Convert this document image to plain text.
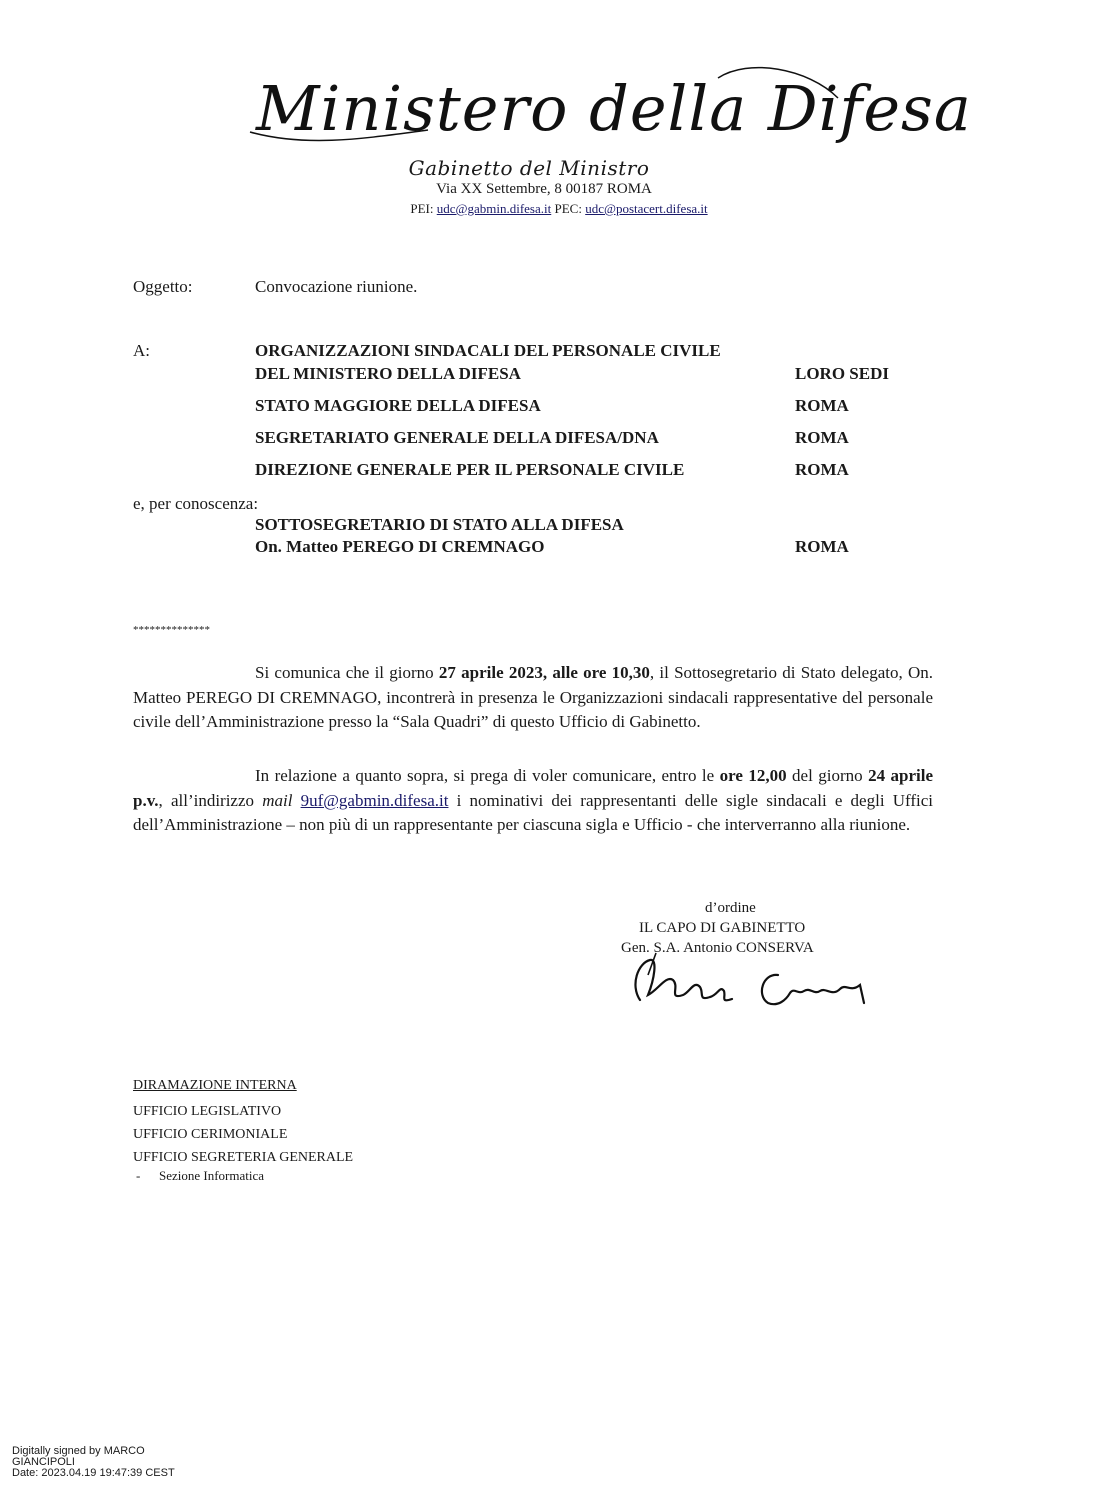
Ministero della Difesa
Gabinetto del Ministro
Via XX Settembre, 8 00187 ROMA
PEI: udc@gabmin.difesa.it PEC: udc@postacert.difesa.it
Oggetto:	Convocazione riunione.
A:	ORGANIZZAZIONI SINDACALI DEL PERSONALE CIVILE
DEL MINISTERO DELLA DIFESA	LORO SEDI
STATO MAGGIORE DELLA DIFESA	ROMA
SEGRETARIATO GENERALE DELLA DIFESA/DNA	ROMA
DIREZIONE GENERALE PER IL PERSONALE CIVILE	ROMA
e, per conoscenza:
SOTTOSEGRETARIO DI STATO ALLA DIFESA
On. Matteo PEREGO DI CREMNAGO	ROMA
**************
Si comunica che il giorno 27 aprile 2023, alle ore 10,30, il Sottosegretario di Stato delegato, On. Matteo PEREGO DI CREMNAGO, incontrerà in presenza le Organizzazioni sindacali rappresentative del personale civile dell’Amministrazione presso la “Sala Quadri” di questo Ufficio di Gabinetto.
In relazione a quanto sopra, si prega di voler comunicare, entro le ore 12,00 del giorno 24 aprile p.v., all’indirizzo mail 9uf@gabmin.difesa.it i nominativi dei rappresentanti delle sigle sindacali e degli Uffici dell’Amministrazione – non più di un rappresentante per ciascuna sigla e Ufficio - che interverranno alla riunione.
d’ordine
IL CAPO DI GABINETTO
Gen. S.A. Antonio CONSERVA
DIRAMAZIONE INTERNA
UFFICIO LEGISLATIVO
UFFICIO CERIMONIALE
UFFICIO SEGRETERIA GENERALE
- Sezione Informatica
Digitally signed by MARCO
GIANCIPOLI
Date: 2023.04.19 19:47:39 CEST
